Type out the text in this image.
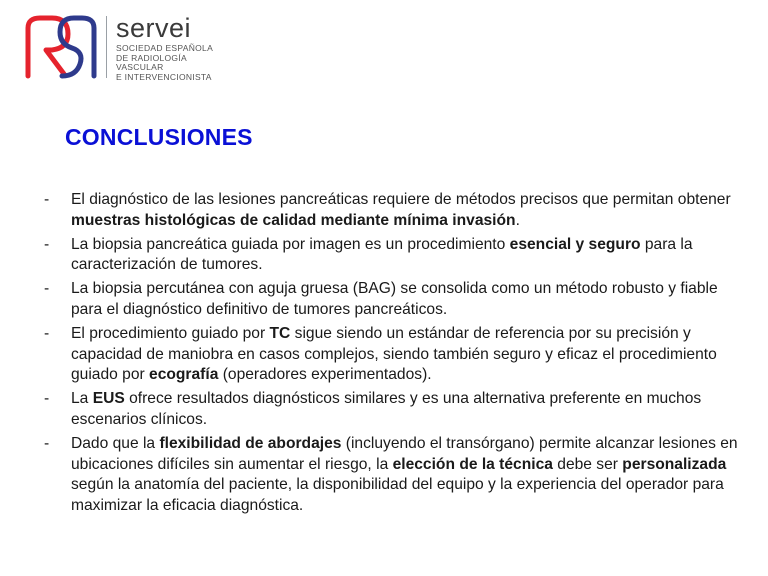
servei
SOCIEDAD ESPAÑOLA
DE RADIOLOGÍA
VASCULAR
E INTERVENCIONISTA
CONCLUSIONES
- El diagnóstico de las lesiones pancreáticas requiere de métodos precisos que permitan obtener muestras histológicas de calidad mediante mínima invasión.
- La biopsia pancreática guiada por imagen es un procedimiento esencial y seguro para la caracterización de tumores.
- La biopsia percutánea con aguja gruesa (BAG) se consolida como un método robusto y fiable para el diagnóstico definitivo de tumores pancreáticos.
- El procedimiento guiado por TC sigue siendo un estándar de referencia por su precisión y capacidad de maniobra en casos complejos, siendo también seguro y eficaz el procedimiento guiado por ecografía (operadores experimentados).
- La EUS ofrece resultados diagnósticos similares y es una alternativa preferente en muchos escenarios clínicos.
- Dado que la flexibilidad de abordajes (incluyendo el transórgano) permite alcanzar lesiones en ubicaciones difíciles sin aumentar el riesgo, la elección de la técnica debe ser personalizada según la anatomía del paciente, la disponibilidad del equipo y la experiencia del operador para maximizar la eficacia diagnóstica.
